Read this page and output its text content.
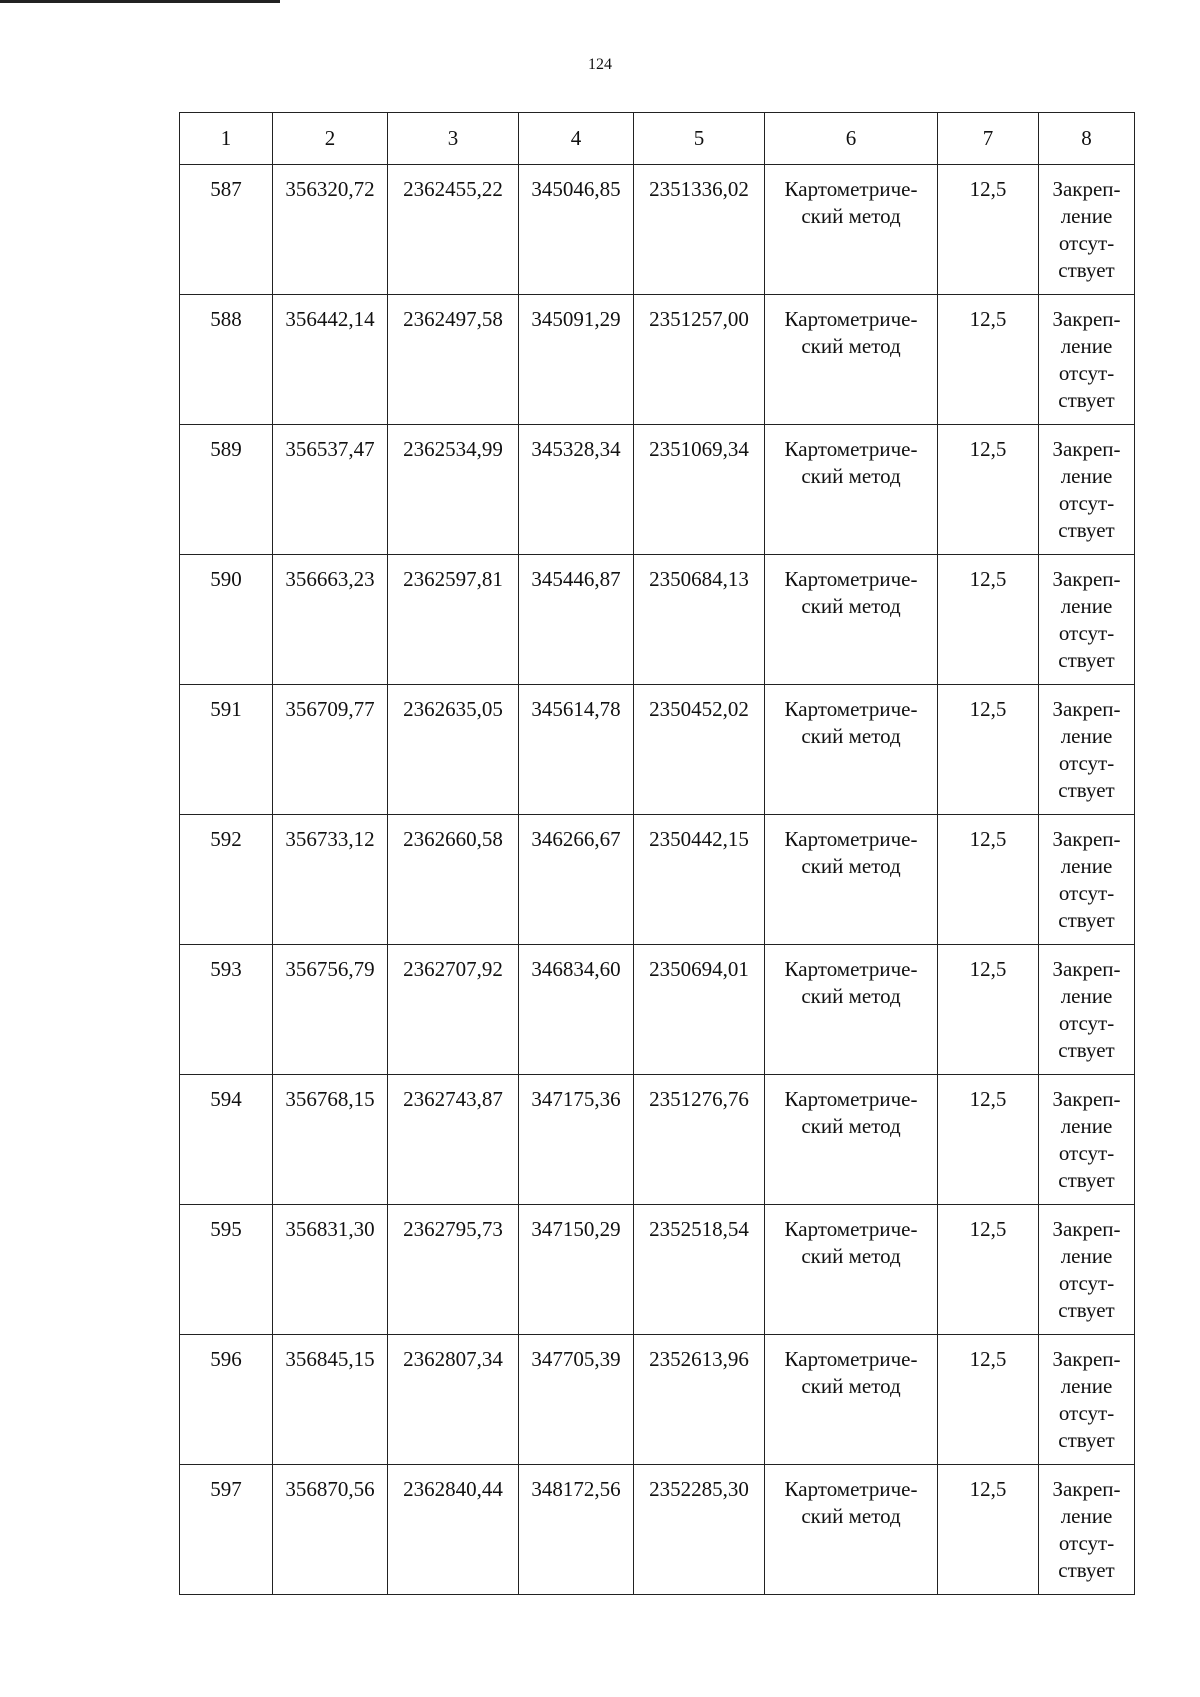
124
1	2	3	4	5	6	7	8
587	356320,72	2362455,22	345046,85	2351336,02	Картометриче-
ский метод	12,5	Закреп-
ление
отсут-
ствует

588	356442,14	2362497,58	345091,29	2351257,00	Картометриче-
ский метод	12,5	Закреп-
ление
отсут-
ствует

589	356537,47	2362534,99	345328,34	2351069,34	Картометриче-
ский метод	12,5	Закреп-
ление
отсут-
ствует

590	356663,23	2362597,81	345446,87	2350684,13	Картометриче-
ский метод	12,5	Закреп-
ление
отсут-
ствует

591	356709,77	2362635,05	345614,78	2350452,02	Картометриче-
ский метод	12,5	Закреп-
ление
отсут-
ствует

592	356733,12	2362660,58	346266,67	2350442,15	Картометриче-
ский метод	12,5	Закреп-
ление
отсут-
ствует

593	356756,79	2362707,92	346834,60	2350694,01	Картометриче-
ский метод	12,5	Закреп-
ление
отсут-
ствует

594	356768,15	2362743,87	347175,36	2351276,76	Картометриче-
ский метод	12,5	Закреп-
ление
отсут-
ствует

595	356831,30	2362795,73	347150,29	2352518,54	Картометриче-
ский метод	12,5	Закреп-
ление
отсут-
ствует

596	356845,15	2362807,34	347705,39	2352613,96	Картометриче-
ский метод	12,5	Закреп-
ление
отсут-
ствует

597	356870,56	2362840,44	348172,56	2352285,30	Картометриче-
ский метод	12,5	Закреп-
ление
отсут-
ствует
